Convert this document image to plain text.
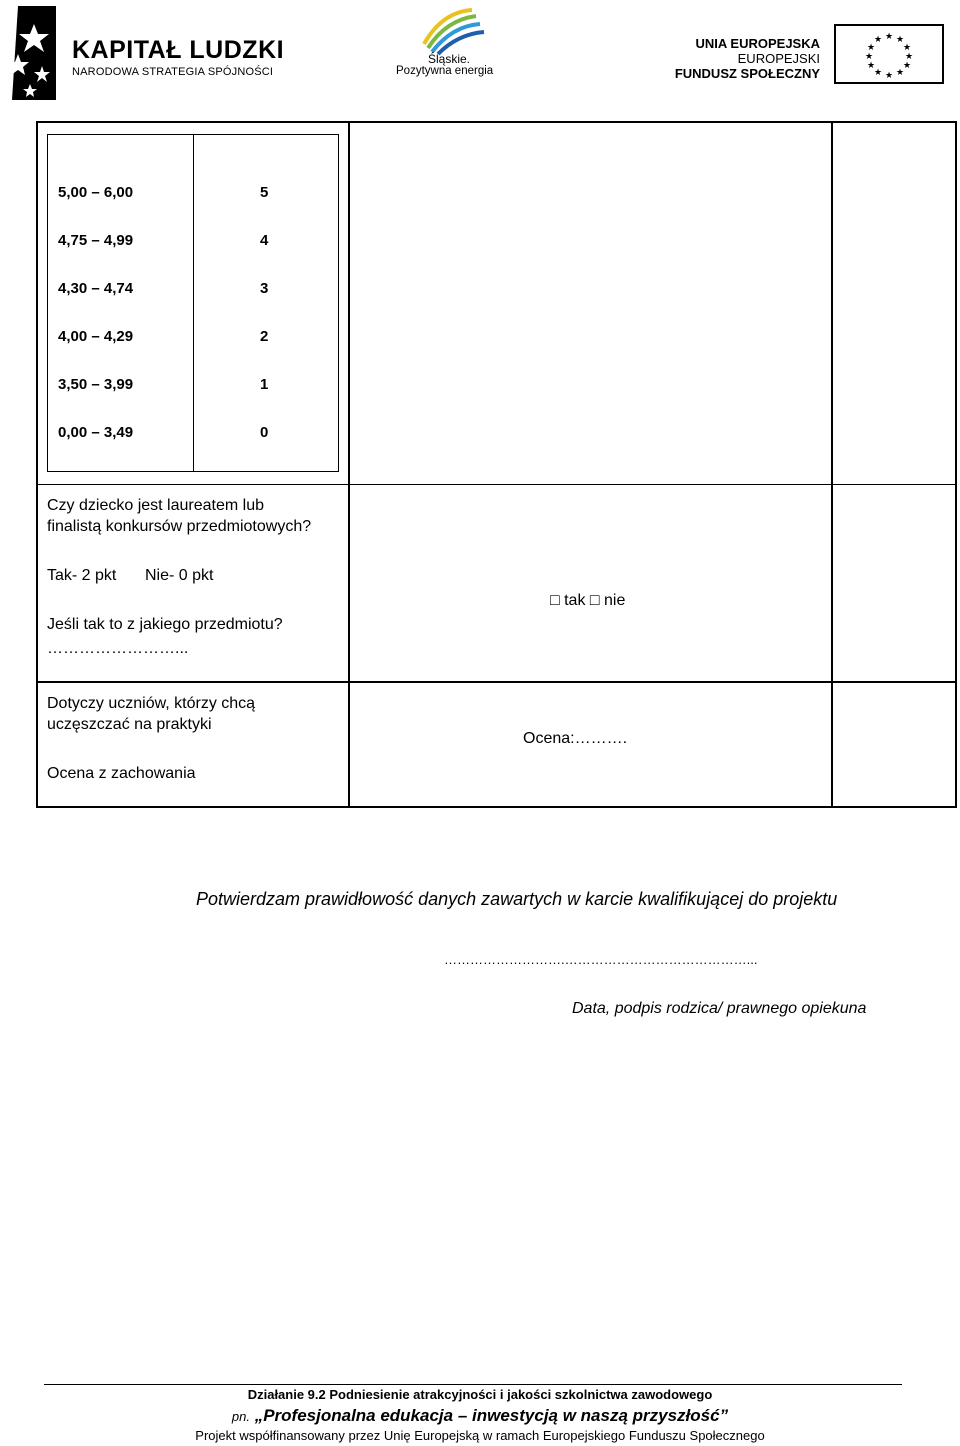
KAPITAŁ LUDZKI
NARODOWA STRATEGIA SPÓJNOŚCI
Śląskie.
Pozytywna energia
UNIA EUROPEJSKA
EUROPEJSKI
FUNDUSZ SPOŁECZNY
★ ★
★
★
★
★
★
★
★
★
★
★
5,00 – 6,00	5
4,75 – 4,99	4
4,30 – 4,74	3
4,00 – 4,29	2
3,50 – 3,99	1
0,00 – 3,49	0
Czy dziecko jest laureatem lub
finalistą konkursów przedmiotowych?
Tak- 2 pkt Nie- 0 pkt
Jeśli tak to z jakiego przedmiotu?
……………………...
□ tak □ nie
Dotyczy uczniów, którzy chcą
uczęszczać na praktyki
Ocena z zachowania
Ocena:……….
Potwierdzam prawidłowość danych zawartych w karcie kwalifikującej do projektu
……………………….……………………………………...
Data, podpis rodzica/ prawnego opiekuna
Działanie 9.2 Podniesienie atrakcyjności i jakości szkolnictwa zawodowego
pn. „Profesjonalna edukacja – inwestycją w naszą przyszłość”
Projekt współfinansowany przez Unię Europejską w ramach Europejskiego Funduszu Społecznego
